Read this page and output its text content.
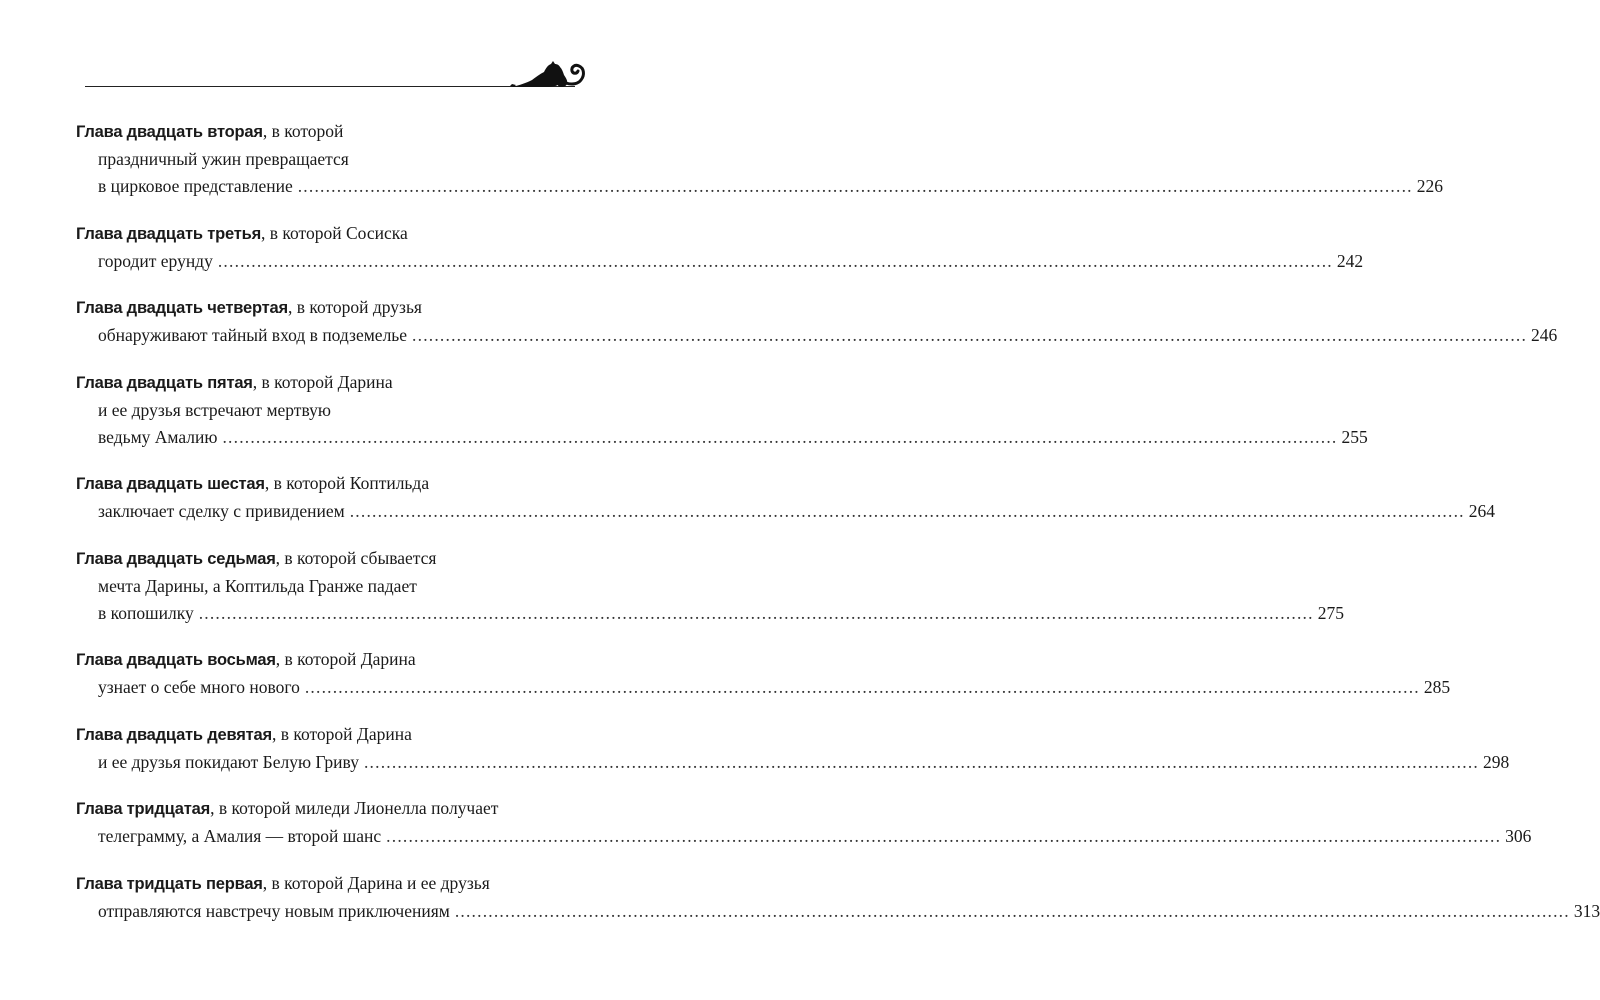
Глава двадцать вторая, в которой
праздничный ужин превращается
в цирковое представление ........................................................................................................................................................................................................ 226
Глава двадцать третья, в которой Сосиска
городит ерунду ........................................................................................................................................................................................................ 242
Глава двадцать четвертая, в которой друзья
обнаруживают тайный вход в подземелье ........................................................................................................................................................................................................ 246
Глава двадцать пятая, в которой Дарина
и ее друзья встречают мертвую
ведьму Амалию ........................................................................................................................................................................................................ 255
Глава двадцать шестая, в которой Коптильда
заключает сделку с привидением ........................................................................................................................................................................................................ 264
Глава двадцать седьмая, в которой сбывается
мечта Дарины, а Коптильда Гранже падает
в копошилку ........................................................................................................................................................................................................ 275
Глава двадцать восьмая, в которой Дарина
узнает о себе много нового ........................................................................................................................................................................................................ 285
Глава двадцать девятая, в которой Дарина
и ее друзья покидают Белую Гриву ........................................................................................................................................................................................................ 298
Глава тридцатая, в которой миледи Лионелла получает
телеграмму, а Амалия — второй шанс ........................................................................................................................................................................................................ 306
Глава тридцать первая, в которой Дарина и ее друзья
отправляются навстречу новым приключениям ........................................................................................................................................................................................................ 313
